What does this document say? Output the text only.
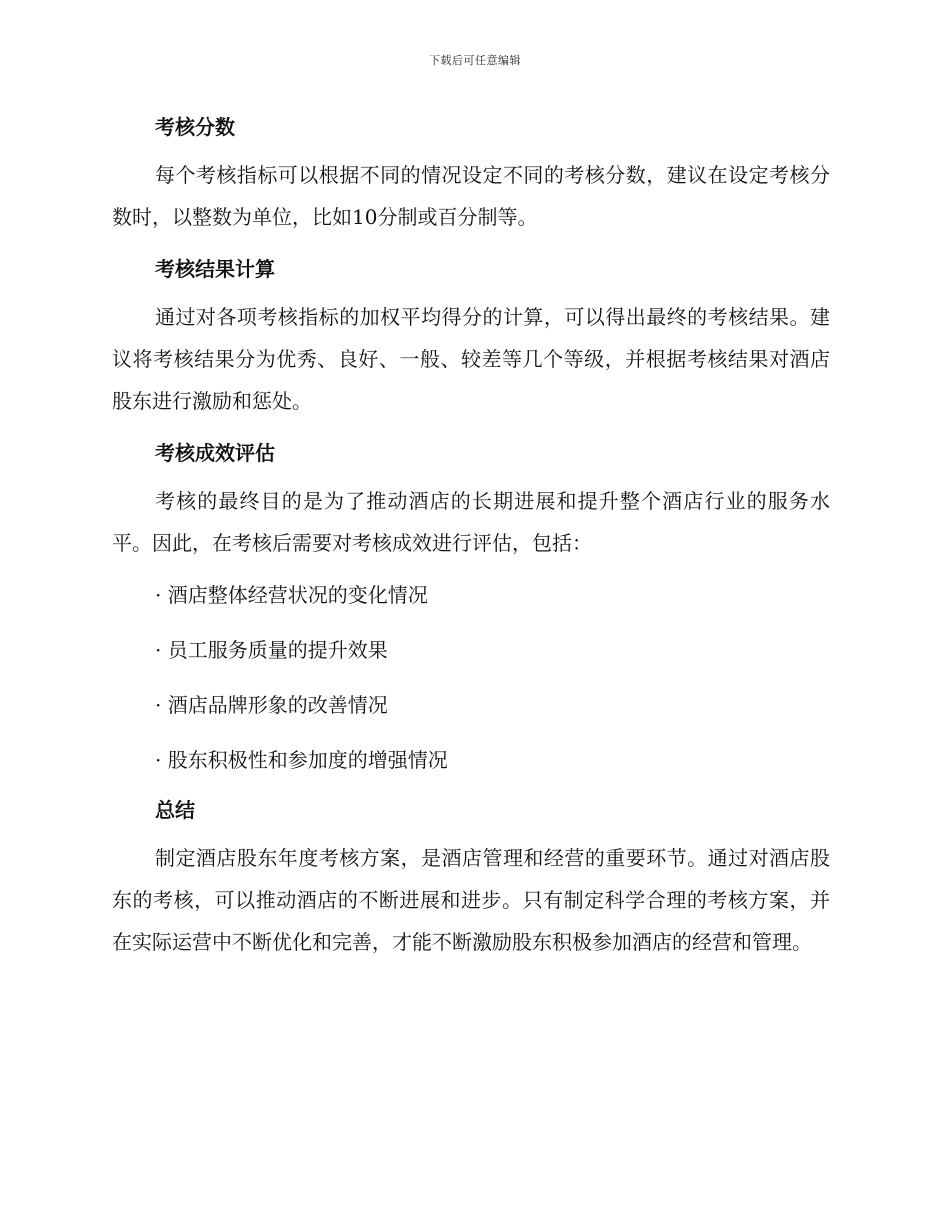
下载后可任意编辑
考核分数

每个考核指标可以根据不同的情况设定不同的考核分数，建议在设定考核分数时，以整数为单位，比如10分制或百分制等。

考核结果计算

通过对各项考核指标的加权平均得分的计算，可以得出最终的考核结果。建议将考核结果分为优秀、良好、一般、较差等几个等级，并根据考核结果对酒店股东进行激励和惩处。

考核成效评估

考核的最终目的是为了推动酒店的长期进展和提升整个酒店行业的服务水平。因此，在考核后需要对考核成效进行评估，包括：

· 酒店整体经营状况的变化情况

· 员工服务质量的提升效果

· 酒店品牌形象的改善情况

· 股东积极性和参加度的增强情况

总结

制定酒店股东年度考核方案，是酒店管理和经营的重要环节。通过对酒店股东的考核，可以推动酒店的不断进展和进步。只有制定科学合理的考核方案，并在实际运营中不断优化和完善，才能不断激励股东积极参加酒店的经营和管理。
